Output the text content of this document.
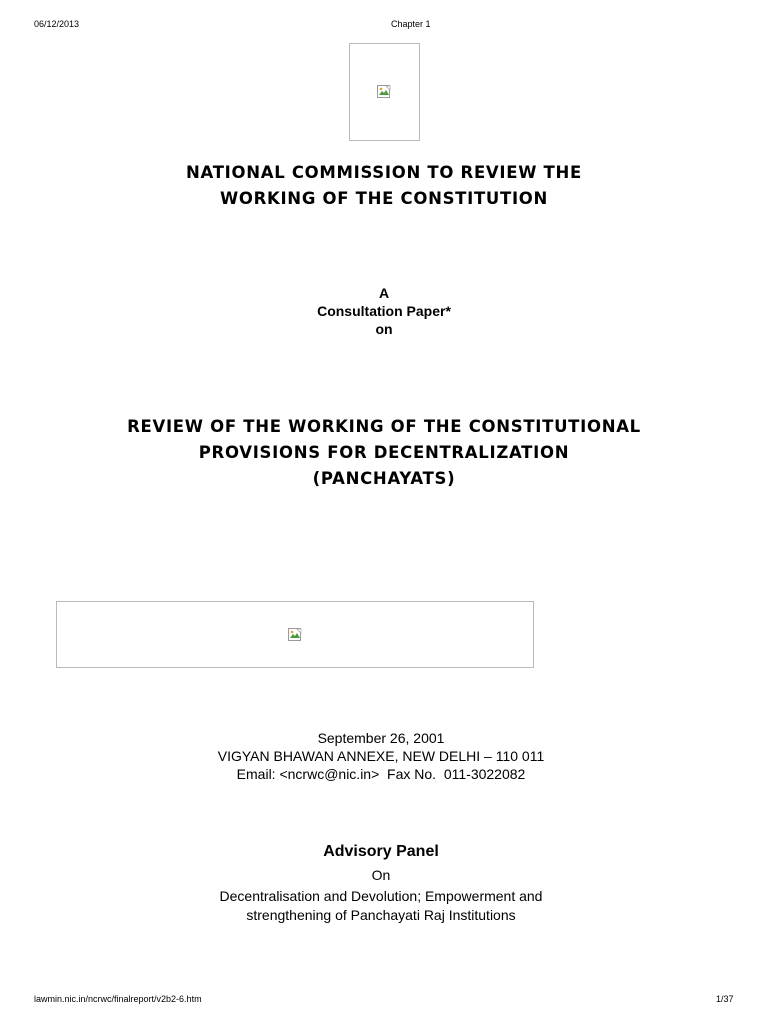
06/12/2013	Chapter 1
NATIONAL COMMISSION TO REVIEW THE
WORKING OF THE CONSTITUTION
A
Consultation Paper*
on
REVIEW OF THE WORKING OF THE CONSTITUTIONAL
PROVISIONS FOR DECENTRALIZATION
(PANCHAYATS)
September 26, 2001
VIGYAN BHAWAN ANNEXE, NEW DELHI – 110 011
Email: <ncrwc@nic.in>  Fax No.  011-3022082
Advisory Panel
On
Decentralisation and Devolution; Empowerment and
strengthening of Panchayati Raj Institutions
lawmin.nic.in/ncrwc/finalreport/v2b2-6.htm	1/37
